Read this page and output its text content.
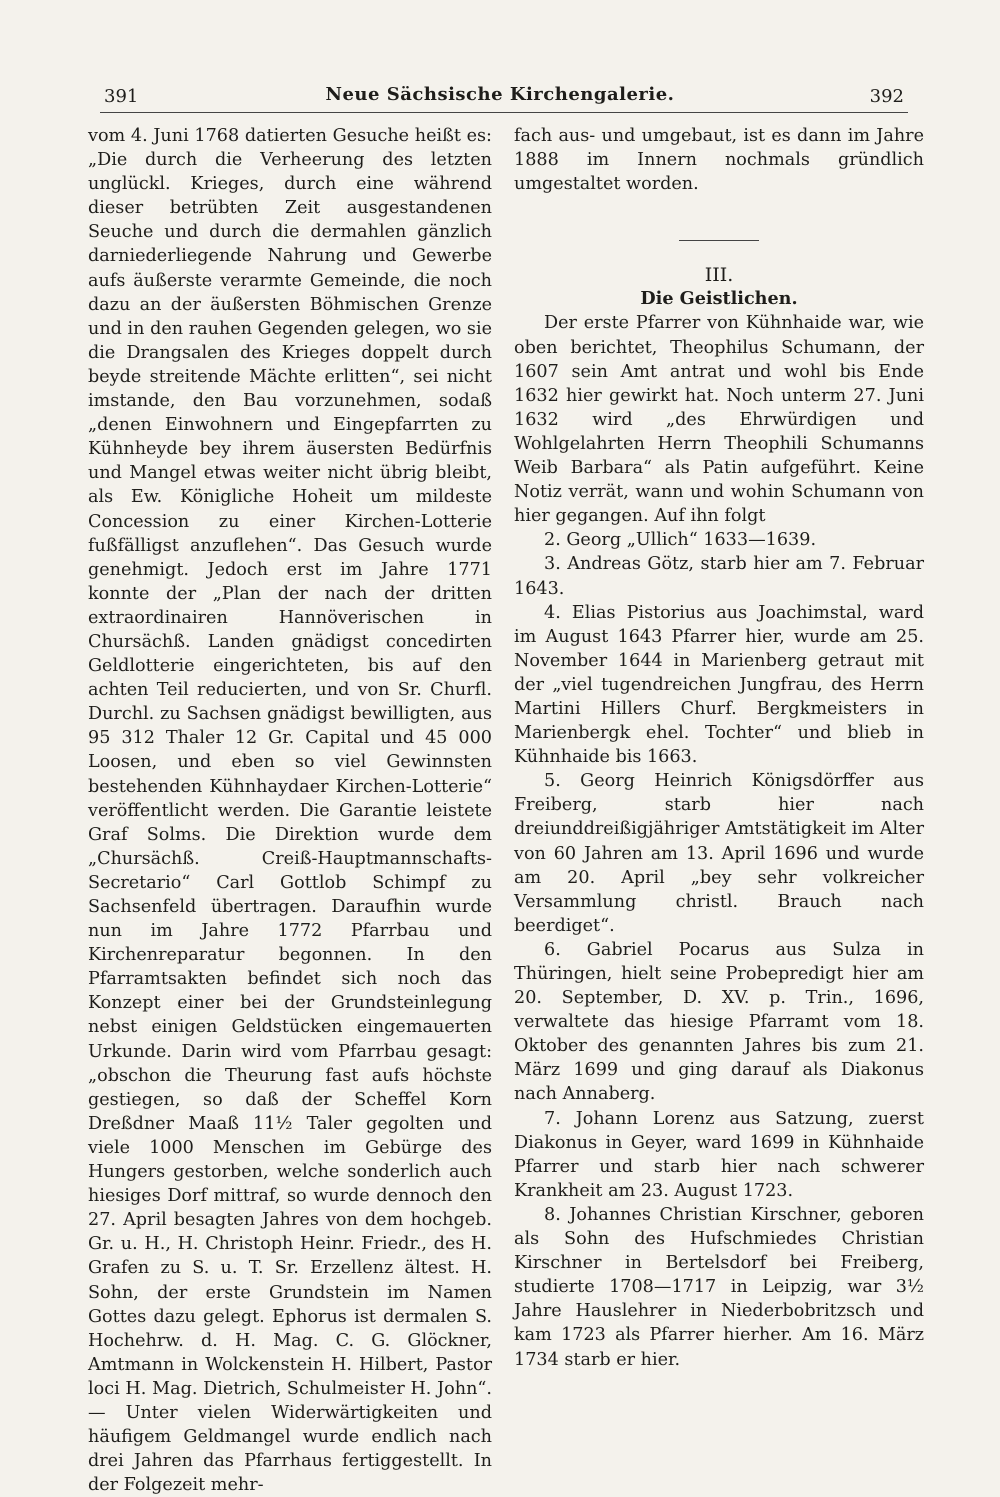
391	Neue Sächsische Kirchengalerie.	392

vom 4. Juni 1768 datierten Gesuche heißt es: „Die durch die Verheerung des letzten unglückl. Krieges, durch eine während dieser betrübten Zeit ausgestandenen Seuche und durch die dermahlen gänzlich darniederliegende Nahrung und Gewerbe aufs äußerste verarmte Gemeinde, die noch dazu an der äußersten Böhmischen Grenze und in den rauhen Gegenden gelegen, wo sie die Drangsalen des Krieges doppelt durch beyde streitende Mächte erlitten“, sei nicht imstande, den Bau vorzunehmen, sodaß „denen Einwohnern und Eingepfarrten zu Kühnheyde bey ihrem äusersten Bedürfnis und Mangel etwas weiter nicht übrig bleibt, als Ew. Königliche Hoheit um mildeste Concession zu einer Kirchen-Lotterie fußfälligst anzuflehen“. Das Gesuch wurde genehmigt. Jedoch erst im Jahre 1771 konnte der „Plan der nach der dritten extraordinairen Hannöverischen in Chursächß. Landen gnädigst concedirten Geldlotterie eingerichteten, bis auf den achten Teil reducierten, und von Sr. Churfl. Durchl. zu Sachsen gnädigst bewilligten, aus 95 312 Thaler 12 Gr. Capital und 45 000 Loosen, und eben so viel Gewinnsten bestehenden Kühnhaydaer Kirchen-Lotterie“ veröffentlicht werden. Die Garantie leistete Graf Solms. Die Direktion wurde dem „Chursächß. Creiß-Hauptmannschafts-Secretario“ Carl Gottlob Schimpf zu Sachsenfeld übertragen. Daraufhin wurde nun im Jahre 1772 Pfarrbau und Kirchenreparatur begonnen. In den Pfarramtsakten befindet sich noch das Konzept einer bei der Grundsteinlegung nebst einigen Geldstücken eingemauerten Urkunde. Darin wird vom Pfarrbau gesagt: „obschon die Theurung fast aufs höchste gestiegen, so daß der Scheffel Korn Dreßdner Maaß 11½ Taler gegolten und viele 1000 Menschen im Gebürge des Hungers gestorben, welche sonderlich auch hiesiges Dorf mittraf, so wurde dennoch den 27. April besagten Jahres von dem hochgeb. Gr. u. H., H. Christoph Heinr. Friedr., des H. Grafen zu S. u. T. Sr. Erzellenz ältest. H. Sohn, der erste Grundstein im Namen Gottes dazu gelegt. Ephorus ist dermalen S. Hochehrw. d. H. Mag. C. G. Glöckner, Amtmann in Wolckenstein H. Hilbert, Pastor loci H. Mag. Dietrich, Schulmeister H. John“. — Unter vielen Widerwärtigkeiten und häufigem Geldmangel wurde endlich nach drei Jahren das Pfarrhaus fertiggestellt. In der Folgezeit mehr-

fach aus- und umgebaut, ist es dann im Jahre 1888 im Innern nochmals gründlich umgestaltet worden.

III.

Die Geistlichen.

Der erste Pfarrer von Kühnhaide war, wie oben berichtet, Theophilus Schumann, der 1607 sein Amt antrat und wohl bis Ende 1632 hier gewirkt hat. Noch unterm 27. Juni 1632 wird „des Ehrwürdigen und Wohlgelahrten Herrn Theophili Schumanns Weib Barbara“ als Patin aufgeführt. Keine Notiz verrät, wann und wohin Schumann von hier gegangen. Auf ihn folgt

2. Georg „Ullich“ 1633—1639.

3. Andreas Götz, starb hier am 7. Februar 1643.

4. Elias Pistorius aus Joachimstal, ward im August 1643 Pfarrer hier, wurde am 25. November 1644 in Marienberg getraut mit der „viel tugendreichen Jungfrau, des Herrn Martini Hillers Churf. Bergkmeisters in Marienbergk ehel. Tochter“ und blieb in Kühnhaide bis 1663.

5. Georg Heinrich Königsdörffer aus Freiberg, starb hier nach dreiunddreißigjähriger Amtstätigkeit im Alter von 60 Jahren am 13. April 1696 und wurde am 20. April „bey sehr volkreicher Versammlung christl. Brauch nach beerdiget“.

6. Gabriel Pocarus aus Sulza in Thüringen, hielt seine Probepredigt hier am 20. September, D. XV. p. Trin., 1696, verwaltete das hiesige Pfarramt vom 18. Oktober des genannten Jahres bis zum 21. März 1699 und ging darauf als Diakonus nach Annaberg.

7. Johann Lorenz aus Satzung, zuerst Diakonus in Geyer, ward 1699 in Kühnhaide Pfarrer und starb hier nach schwerer Krankheit am 23. August 1723.

8. Johannes Christian Kirschner, geboren als Sohn des Hufschmiedes Christian Kirschner in Bertelsdorf bei Freiberg, studierte 1708—1717 in Leipzig, war 3½ Jahre Hauslehrer in Niederbobritzsch und kam 1723 als Pfarrer hierher. Am 16. März 1734 starb er hier.
